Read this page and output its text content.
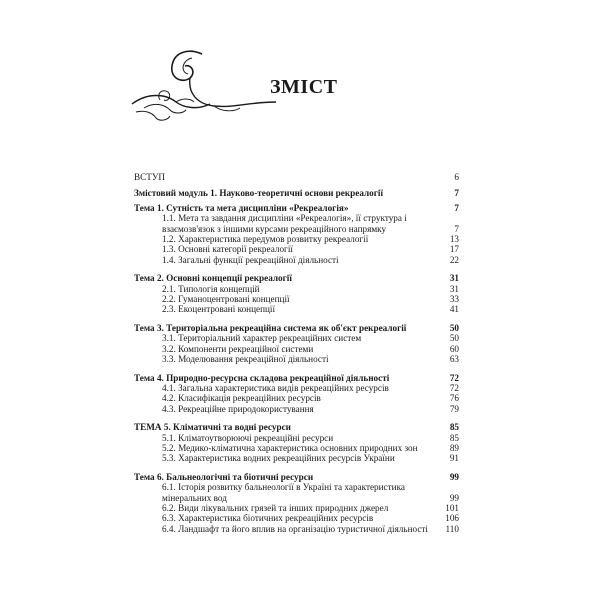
ЗМІСТ
ВСТУП	6
Змістовий модуль 1. Науково-теоретичні основи рекреалогії	7
Тема 1. Сутність та мета дисципліни «Рекреалогія»	7
1.1. Мета та завдання дисципліни «Рекреалогія», її структура і взаємозв'язок з іншими курсами рекреаційного напрямку	7
1.2. Характеристика передумов розвитку рекреалогії	13
1.3. Основні категорії рекреалогії	17
1.4. Загальні функції рекреаційної діяльності	22
Тема 2. Основні концепції рекреалогії	31
2.1. Типологія концепцій	31
2.2. Гуманоцентровані концепції	33
2.3. Екоцентровані концепції	41
Тема 3. Територіальна рекреаційна система як об'єкт рекреалогії	50
3.1. Територіальний характер рекреаційних систем	50
3.2. Компоненти рекреаційної системи	60
3.3. Моделювання рекреаційної діяльності	63
Тема 4. Природно-ресурсна складова рекреаційної діяльності	72
4.1. Загальна характеристика видів рекреаційних ресурсів	72
4.2. Класифікація рекреаційних ресурсів	76
4.3. Рекреаційне природокористування	79
ТЕМА 5. Кліматичні та водні ресурси	85
5.1. Кліматоутворюючі рекреаційні ресурси	85
5.2. Медико-кліматична характеристика основних природних зон	89
5.3. Характеристика водних рекреаційних ресурсів України	91
Тема 6. Бальнеологічні та біотичні ресурси	99
6.1. Історія розвитку бальнеології в Україні та характеристика мінеральних вод	99
6.2. Види лікувальних грязей та інших природних джерел	101
6.3. Характеристика біотичних рекреаційних ресурсів	106
6.4. Ландшафт та його вплив на організацію туристичної діяльності	110
